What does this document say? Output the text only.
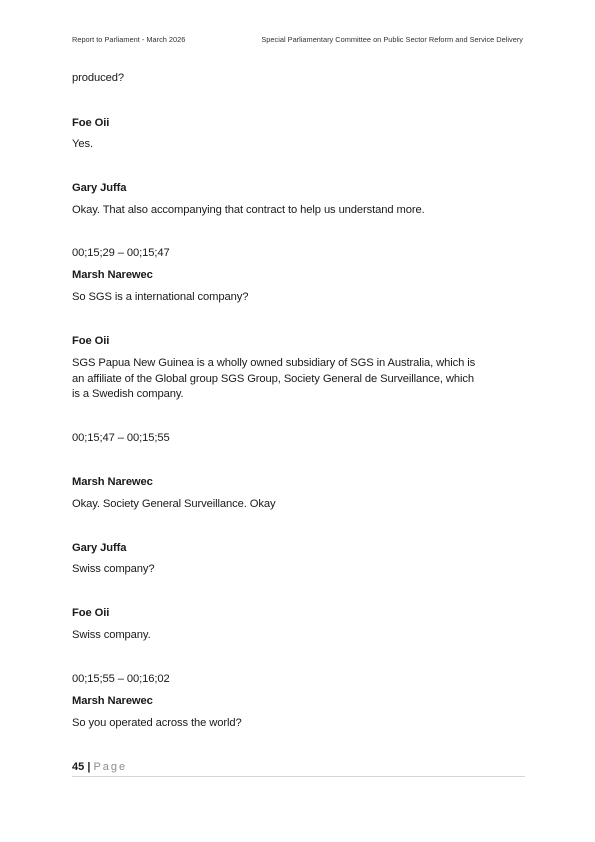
Report to Parliament - March 2026	Special Parliamentary Committee on Public Sector Reform and Service Delivery
produced?
Foe Oii
Yes.
Gary Juffa
Okay. That also accompanying that contract to help us understand more.
00;15;29 – 00;15;47
Marsh Narewec
So SGS is a international company?
Foe Oii
SGS Papua New Guinea is a wholly owned subsidiary of SGS in Australia, which is
an affiliate of the Global group SGS Group, Society General de Surveillance, which
is a Swedish company.
00;15;47 – 00;15;55
Marsh Narewec
Okay. Society General Surveillance. Okay
Gary Juffa
Swiss company?
Foe Oii
Swiss company.
00;15;55 – 00;16;02
Marsh Narewec
So you operated across the world?
45 | Page
